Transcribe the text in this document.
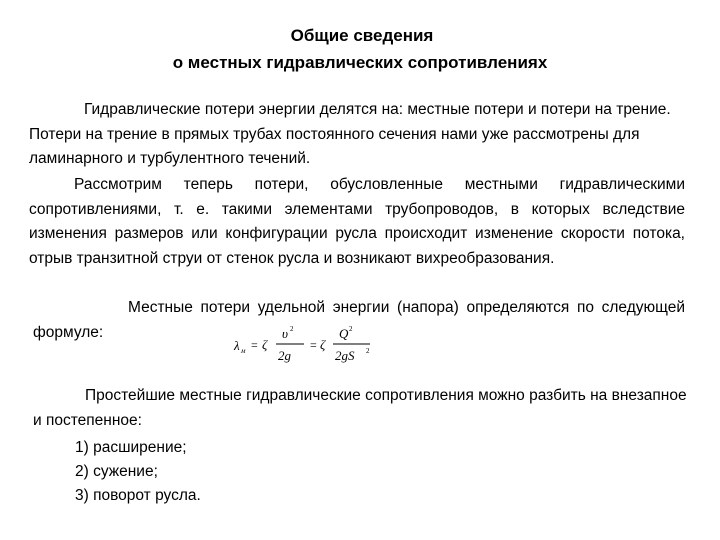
Общие сведения
о местных гидравлических сопротивлениях

Гидравлические потери энергии делятся на: местные потери и потери на трение. Потери на трение в прямых трубах постоянного сечения нами уже рассмотрены для ламинарного и турбулентного течений.

Рассмотрим теперь потери, обусловленные местными гидравлическими сопротивлениями, т. е. такими элементами трубопроводов, в которых вследствие изменения размеров или конфигурации русла происходит изменение скорости потока, отрыв транзитной струи от стенок русла и возникают вихреобразования.

Местные потери удельной энергии (напора) определяются по следующей формуле:

λ м = ζ
υ 2
2g
= ζ
Q 2
2gS 2

Простейшие местные гидравлические сопротивления можно разбить на внезапное и постепенное:

1) расширение;
2) сужение;
3) поворот русла.
